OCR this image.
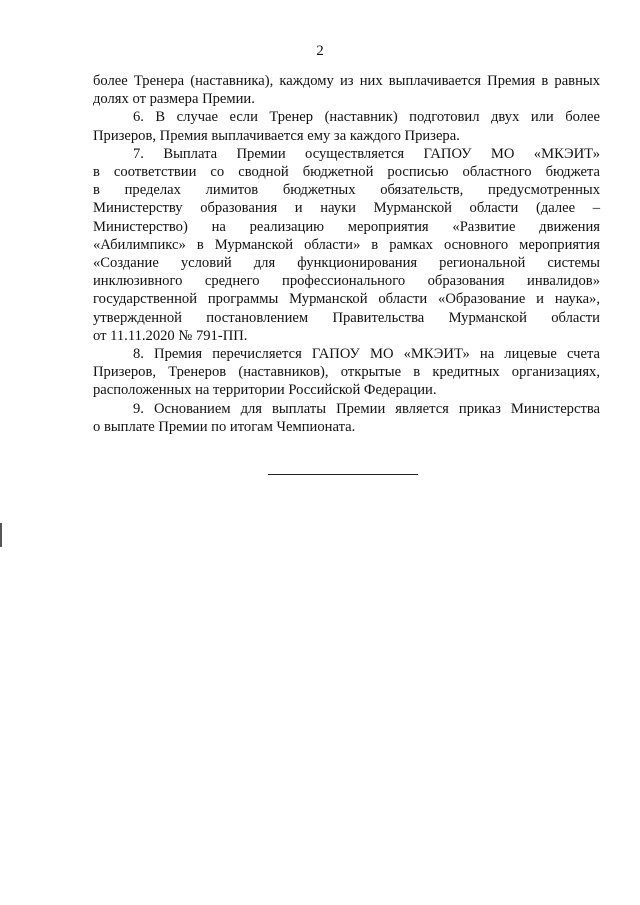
2
более Тренера (наставника), каждому из них выплачивается Премия в равных
долях от размера Премии.
6. В случае если Тренер (наставник) подготовил двух или более
Призеров, Премия выплачивается ему за каждого Призера.
7. Выплата Премии осуществляется ГАПОУ МО «МКЭИТ»
в соответствии со сводной бюджетной росписью областного бюджета
в пределах лимитов бюджетных обязательств, предусмотренных
Министерству образования и науки Мурманской области (далее –
Министерство) на реализацию мероприятия «Развитие движения
«Абилимпикс» в Мурманской области» в рамках основного мероприятия
«Создание условий для функционирования региональной системы
инклюзивного среднего профессионального образования инвалидов»
государственной программы Мурманской области «Образование и наука»,
утвержденной постановлением Правительства Мурманской области
от 11.11.2020 № 791-ПП.
8. Премия перечисляется ГАПОУ МО «МКЭИТ» на лицевые счета
Призеров, Тренеров (наставников), открытые в кредитных организациях,
расположенных на территории Российской Федерации.
9. Основанием для выплаты Премии является приказ Министерства
о выплате Премии по итогам Чемпионата.
